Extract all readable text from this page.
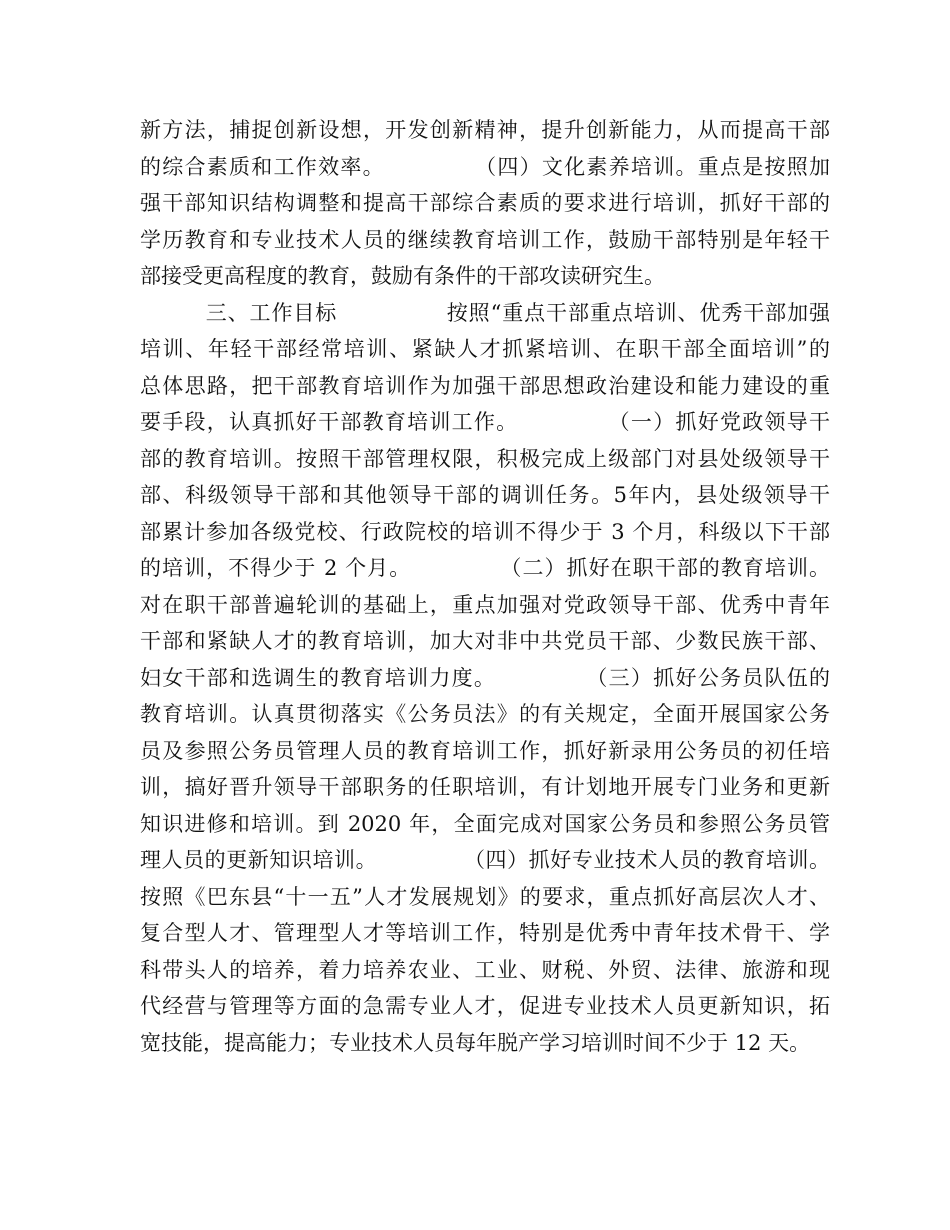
新方法，捕捉创新设想，开发创新精神，提升创新能力，从而提高干部
的综合素质和工作效率。　　　　　（四）文化素养培训。重点是按照加
强干部知识结构调整和提高干部综合素质的要求进行培训，抓好干部的
学历教育和专业技术人员的继续教育培训工作，鼓励干部特别是年轻干
部接受更高程度的教育，鼓励有条件的干部攻读研究生。
　　　三、工作目标　　　　　按照“重点干部重点培训、优秀干部加强
培训、年轻干部经常培训、紧缺人才抓紧培训、在职干部全面培训”的
总体思路，把干部教育培训作为加强干部思想政治建设和能力建设的重
要手段，认真抓好干部教育培训工作。　　　　　（一）抓好党政领导干
部的教育培训。按照干部管理权限，积极完成上级部门对县处级领导干
部、科级领导干部和其他领导干部的调训任务。5年内，县处级领导干
部累计参加各级党校、行政院校的培训不得少于 3 个月，科级以下干部
的培训，不得少于 2 个月。　　　　　（二）抓好在职干部的教育培训。
对在职干部普遍轮训的基础上，重点加强对党政领导干部、优秀中青年
干部和紧缺人才的教育培训，加大对非中共党员干部、少数民族干部、
妇女干部和选调生的教育培训力度。　　　　　（三）抓好公务员队伍的
教育培训。认真贯彻落实《公务员法》的有关规定，全面开展国家公务
员及参照公务员管理人员的教育培训工作，抓好新录用公务员的初任培
训，搞好晋升领导干部职务的任职培训，有计划地开展专门业务和更新
知识进修和培训。到 2020 年，全面完成对国家公务员和参照公务员管
理人员的更新知识培训。　　　　　（四）抓好专业技术人员的教育培训。
按照《巴东县“十一五”人才发展规划》的要求，重点抓好高层次人才、
复合型人才、管理型人才等培训工作，特别是优秀中青年技术骨干、学
科带头人的培养，着力培养农业、工业、财税、外贸、法律、旅游和现
代经营与管理等方面的急需专业人才，促进专业技术人员更新知识，拓
宽技能，提高能力；专业技术人员每年脱产学习培训时间不少于 12 天。
